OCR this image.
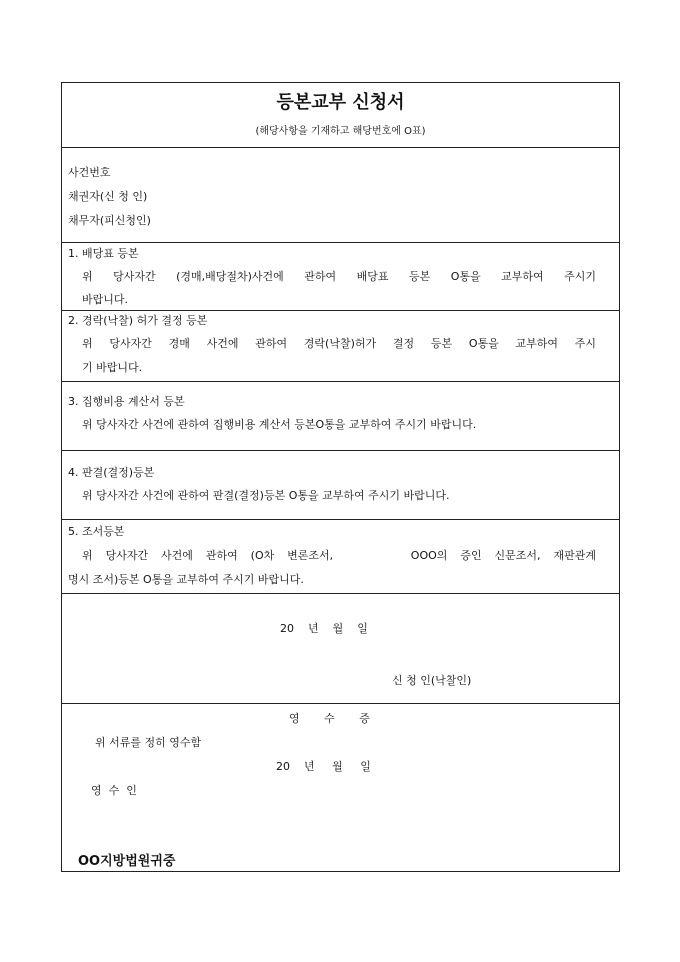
등본교부 신청서
(해당사항을 기재하고 해당번호에 O표)
사건번호
채권자(신 청 인)
채무자(피신청인)
1. 배당표 등본
위 당사자간 (경매,배당절차)사건에 관하여 배당표 등본 O통을 교부하여 주시기
바랍니다.
2. 경락(낙찰) 허가 결정 등본
위 당사자간 경매 사건에 관하여 경락(낙찰)허가 결정 등본 O통을 교부하여 주시
기 바랍니다.
3. 집행비용 계산서 등본
위 당사자간 사건에 관하여 집행비용 계산서 등본O통을 교부하여 주시기 바랍니다.
4. 판결(결정)등본
위 당사자간 사건에 관하여 판결(결정)등본 O통을 교부하여 주시기 바랍니다.
5. 조서등본
위 당사자간 사건에 관하여 (O차 변론조서,      OOO의 증인 신문조서, 재판관계
명시 조서)등본 O통을 교부하여 주시기 바랍니다.
20    년    월    일
신 청 인(낙찰인)
영       수       증
위 서류를 정히 영수함
20    년     월     일
영  수  인
OO지방법원귀중
